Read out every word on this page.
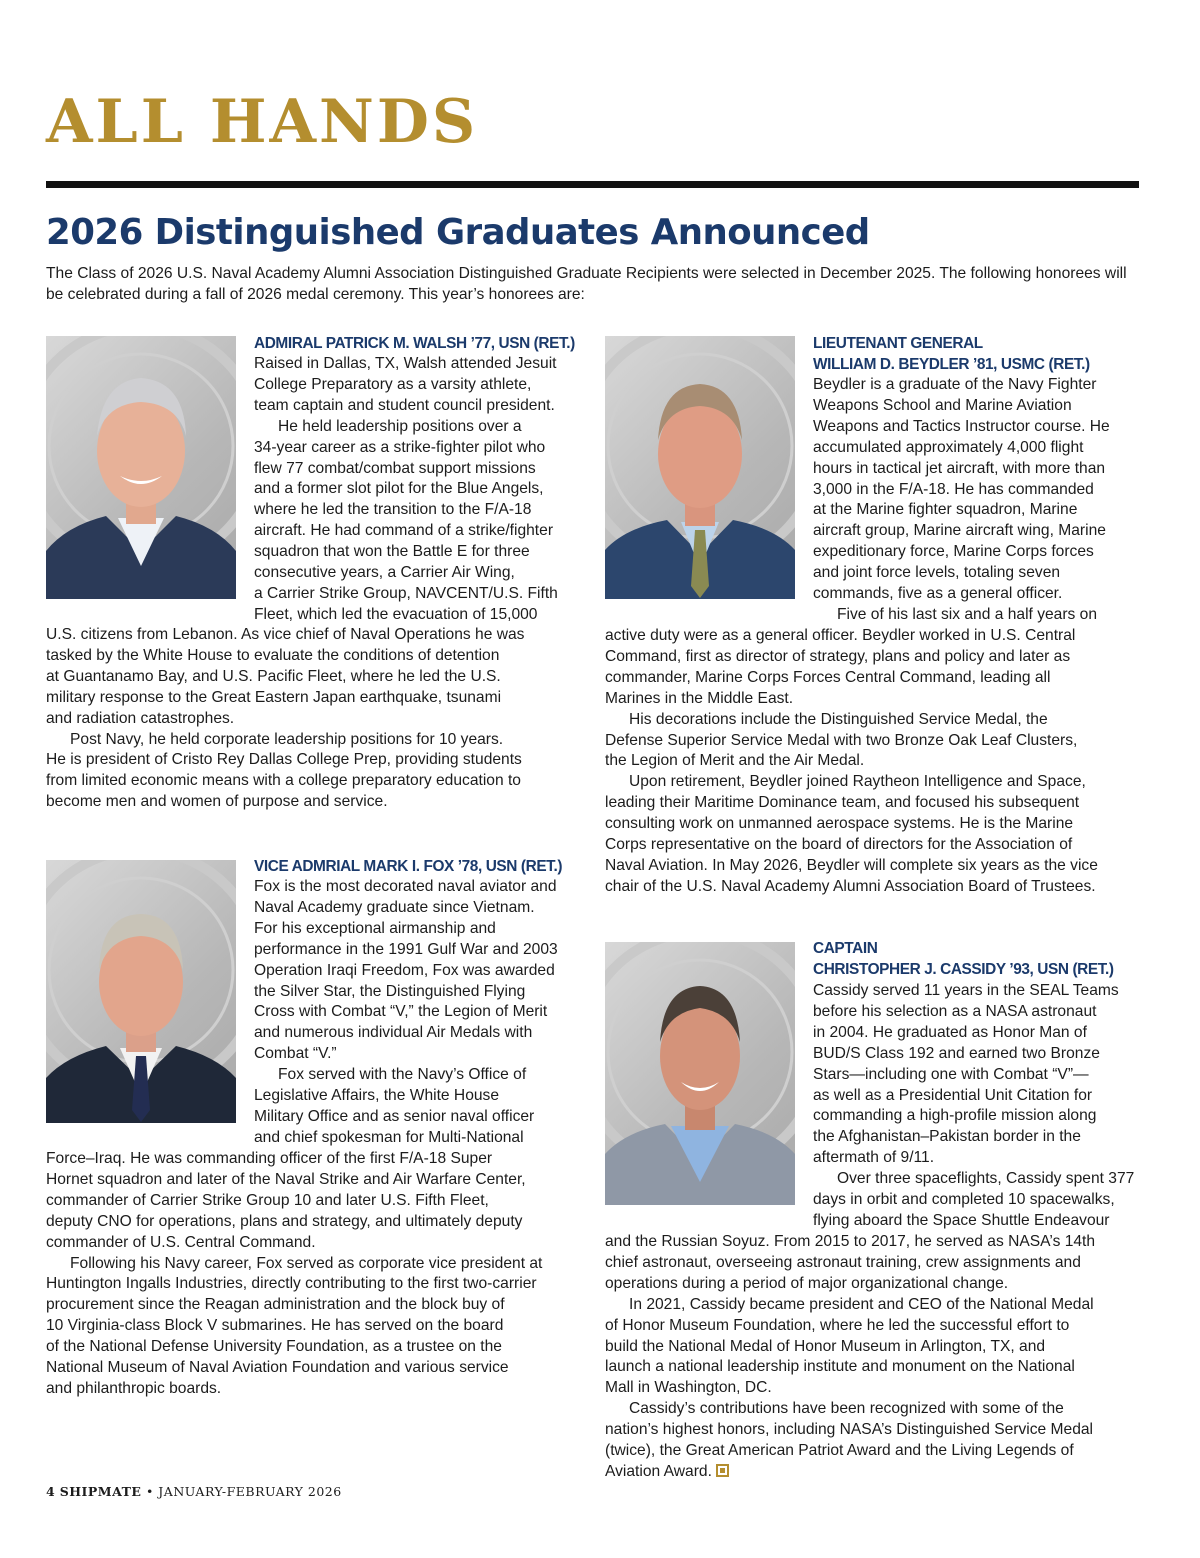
ALL HANDS
2026 Distinguished Graduates Announced

The Class of 2026 U.S. Naval Academy Alumni Association Distinguished Graduate Recipients were selected in December 2025. The following honorees will be celebrated during a fall of 2026 medal ceremony. This year’s honorees are:

ADMIRAL PATRICK M. WALSH ’77, USN (RET.)
Raised in Dallas, TX, Walsh attended Jesuit
College Preparatory as a varsity athlete,
team captain and student council president.
He held leadership positions over a
34-year career as a strike-fighter pilot who
flew 77 combat/combat support missions
and a former slot pilot for the Blue Angels,
where he led the transition to the F/A-18
aircraft. He had command of a strike/fighter
squadron that won the Battle E for three
consecutive years, a Carrier Air Wing,
a Carrier Strike Group, NAVCENT/U.S. Fifth
Fleet, which led the evacuation of 15,000
U.S. citizens from Lebanon. As vice chief of Naval Operations he was
tasked by the White House to evaluate the conditions of detention
at Guantanamo Bay, and U.S. Pacific Fleet, where he led the U.S.
military response to the Great Eastern Japan earthquake, tsunami
and radiation catastrophes.
Post Navy, he held corporate leadership positions for 10 years.
He is president of Cristo Rey Dallas College Prep, providing students
from limited economic means with a college preparatory education to
become men and women of purpose and service.
VICE ADMRIAL MARK I. FOX ’78, USN (RET.)
Fox is the most decorated naval aviator and
Naval Academy graduate since Vietnam.
For his exceptional airmanship and
performance in the 1991 Gulf War and 2003
Operation Iraqi Freedom, Fox was awarded
the Silver Star, the Distinguished Flying
Cross with Combat “V,” the Legion of Merit
and numerous individual Air Medals with
Combat “V.”
Fox served with the Navy’s Office of
Legislative Affairs, the White House
Military Office and as senior naval officer
and chief spokesman for Multi-National
Force–Iraq. He was commanding officer of the first F/A-18 Super
Hornet squadron and later of the Naval Strike and Air Warfare Center,
commander of Carrier Strike Group 10 and later U.S. Fifth Fleet,
deputy CNO for operations, plans and strategy, and ultimately deputy
commander of U.S. Central Command.
Following his Navy career, Fox served as corporate vice president at
Huntington Ingalls Industries, directly contributing to the first two-carrier
procurement since the Reagan administration and the block buy of
10 Virginia-class Block V submarines. He has served on the board
of the National Defense University Foundation, as a trustee on the
National Museum of Naval Aviation Foundation and various service
and philanthropic boards.
LIEUTENANT GENERAL
WILLIAM D. BEYDLER ’81, USMC (RET.)
Beydler is a graduate of the Navy Fighter
Weapons School and Marine Aviation
Weapons and Tactics Instructor course. He
accumulated approximately 4,000 flight
hours in tactical jet aircraft, with more than
3,000 in the F/A-18. He has commanded
at the Marine fighter squadron, Marine
aircraft group, Marine aircraft wing, Marine
expeditionary force, Marine Corps forces
and joint force levels, totaling seven
commands, five as a general officer.
Five of his last six and a half years on
active duty were as a general officer. Beydler worked in U.S. Central
Command, first as director of strategy, plans and policy and later as
commander, Marine Corps Forces Central Command, leading all
Marines in the Middle East.
His decorations include the Distinguished Service Medal, the
Defense Superior Service Medal with two Bronze Oak Leaf Clusters,
the Legion of Merit and the Air Medal.
Upon retirement, Beydler joined Raytheon Intelligence and Space,
leading their Maritime Dominance team, and focused his subsequent
consulting work on unmanned aerospace systems. He is the Marine
Corps representative on the board of directors for the Association of
Naval Aviation. In May 2026, Beydler will complete six years as the vice
chair of the U.S. Naval Academy Alumni Association Board of Trustees.
CAPTAIN
CHRISTOPHER J. CASSIDY ’93, USN (RET.)
Cassidy served 11 years in the SEAL Teams
before his selection as a NASA astronaut
in 2004. He graduated as Honor Man of
BUD/S Class 192 and earned two Bronze
Stars—including one with Combat “V”—
as well as a Presidential Unit Citation for
commanding a high-profile mission along
the Afghanistan–Pakistan border in the
aftermath of 9/11.
Over three spaceflights, Cassidy spent 377
days in orbit and completed 10 spacewalks,
flying aboard the Space Shuttle Endeavour
and the Russian Soyuz. From 2015 to 2017, he served as NASA’s 14th
chief astronaut, overseeing astronaut training, crew assignments and
operations during a period of major organizational change.
In 2021, Cassidy became president and CEO of the National Medal
of Honor Museum Foundation, where he led the successful effort to
build the National Medal of Honor Museum in Arlington, TX, and
launch a national leadership institute and monument on the National
Mall in Washington, DC.
Cassidy’s contributions have been recognized with some of the
nation’s highest honors, including NASA’s Distinguished Service Medal
(twice), the Great American Patriot Award and the Living Legends of
Aviation Award.
4 SHIPMATE • JANUARY-FEBRUARY 2026
